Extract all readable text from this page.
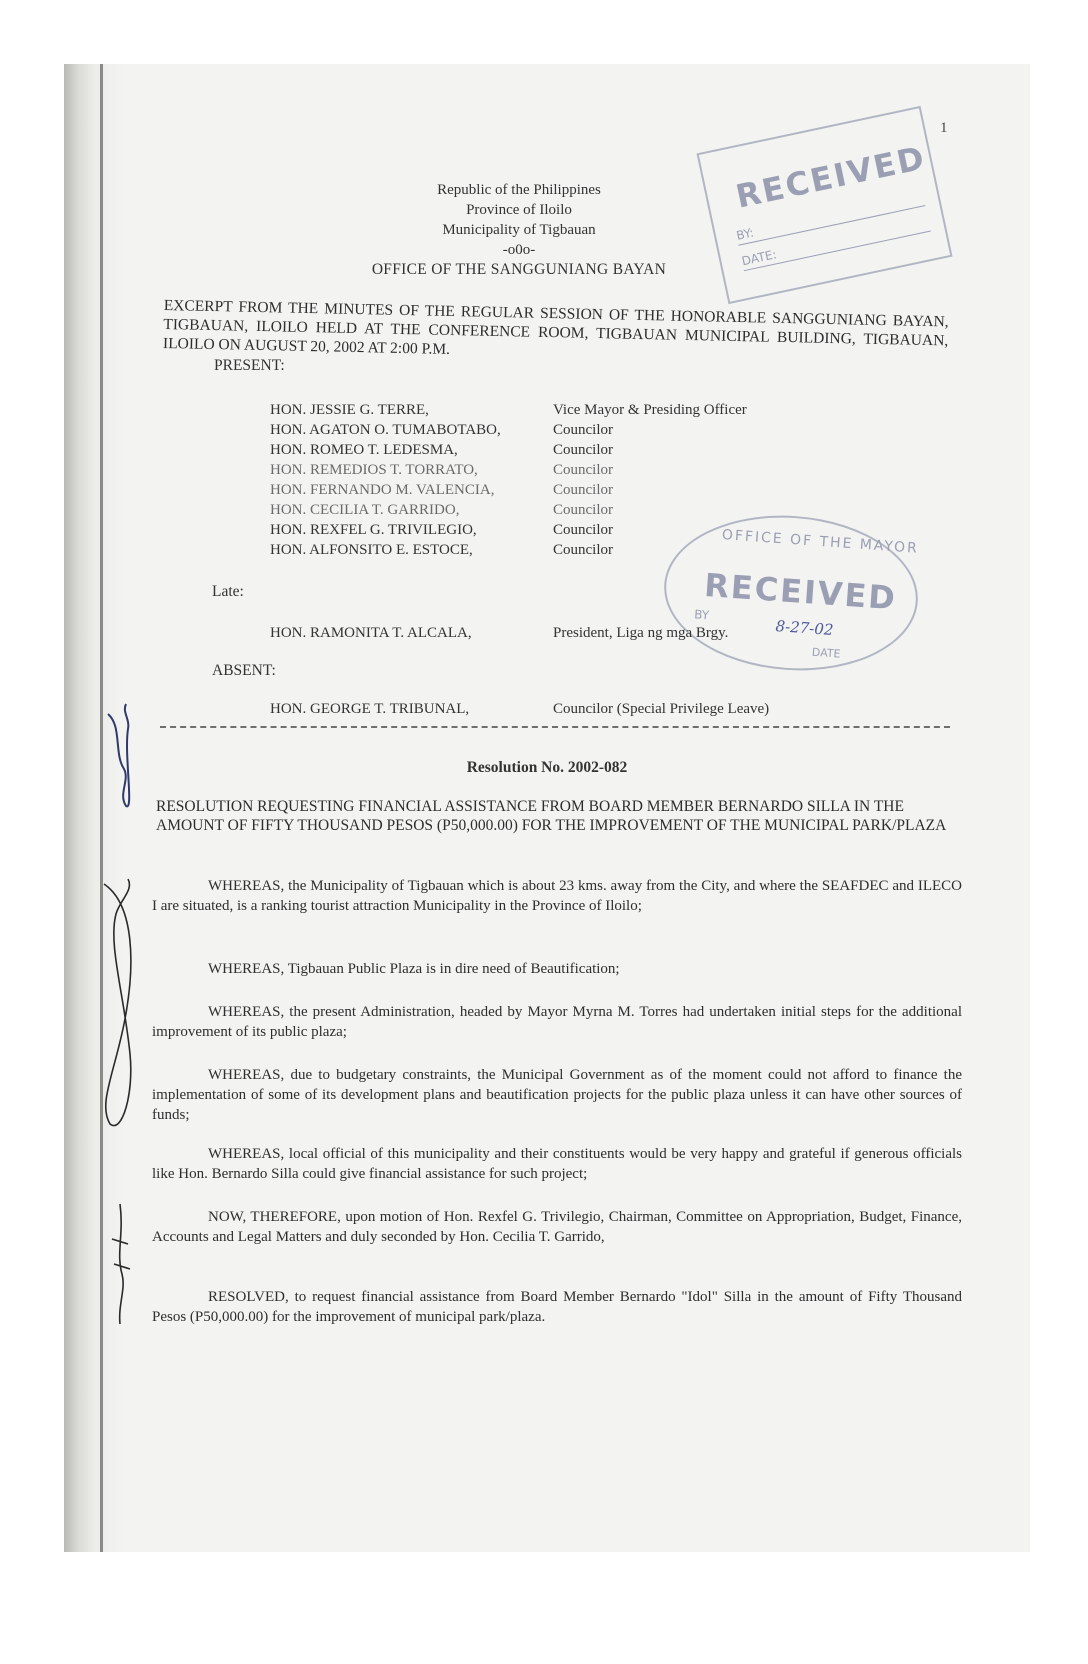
1
RECEIVED
BY:
DATE:
Republic of the Philippines
Province of Iloilo
Municipality of Tigbauan
-o0o-
OFFICE OF THE SANGGUNIANG BAYAN
EXCERPT FROM THE MINUTES OF THE REGULAR SESSION OF THE HONORABLE SANGGUNIANG BAYAN, TIGBAUAN, ILOILO HELD AT THE CONFERENCE ROOM, TIGBAUAN MUNICIPAL BUILDING, TIGBAUAN, ILOILO ON AUGUST 20, 2002 AT 2:00 P.M.
PRESENT:
HON. JESSIE G. TERRE,	Vice Mayor & Presiding Officer
HON. AGATON O. TUMABOTABO,	Councilor
HON. ROMEO T. LEDESMA,	Councilor
HON. REMEDIOS T. TORRATO,	Councilor
HON. FERNANDO M. VALENCIA,	Councilor
HON. CECILIA T. GARRIDO,	Councilor
HON. REXFEL G. TRIVILEGIO,	Councilor
HON. ALFONSITO E. ESTOCE,	Councilor	OFFICE OF THE MAYOR
RECEIVED
BY
DATE
8-27-02
Late:
HON. RAMONITA T. ALCALA,	President, Liga ng mga Brgy.
ABSENT:
HON. GEORGE T. TRIBUNAL,	Councilor (Special Privilege Leave)
Resolution No. 2002-082
RESOLUTION REQUESTING FINANCIAL ASSISTANCE FROM BOARD MEMBER BERNARDO SILLA IN THE AMOUNT OF FIFTY THOUSAND PESOS (P50,000.00) FOR THE IMPROVEMENT OF THE MUNICIPAL PARK/PLAZA
WHEREAS, the Municipality of Tigbauan which is about 23 kms. away from the City, and where the SEAFDEC and ILECO I are situated, is a ranking tourist attraction Municipality in the Province of Iloilo;
WHEREAS, Tigbauan Public Plaza is in dire need of Beautification;
WHEREAS, the present Administration, headed by Mayor Myrna M. Torres had undertaken initial steps for the additional improvement of its public plaza;
WHEREAS, due to budgetary constraints, the Municipal Government as of the moment could not afford to finance the implementation of some of its development plans and beautification projects for the public plaza unless it can have other sources of funds;
WHEREAS, local official of this municipality and their constituents would be very happy and grateful if generous officials like Hon. Bernardo Silla could give financial assistance for such project;
NOW, THEREFORE, upon motion of Hon. Rexfel G. Trivilegio, Chairman, Committee on Appropriation, Budget, Finance, Accounts and Legal Matters and duly seconded by Hon. Cecilia T. Garrido,
RESOLVED, to request financial assistance from Board Member Bernardo "Idol" Silla in the amount of Fifty Thousand Pesos (P50,000.00) for the improvement of municipal park/plaza.
